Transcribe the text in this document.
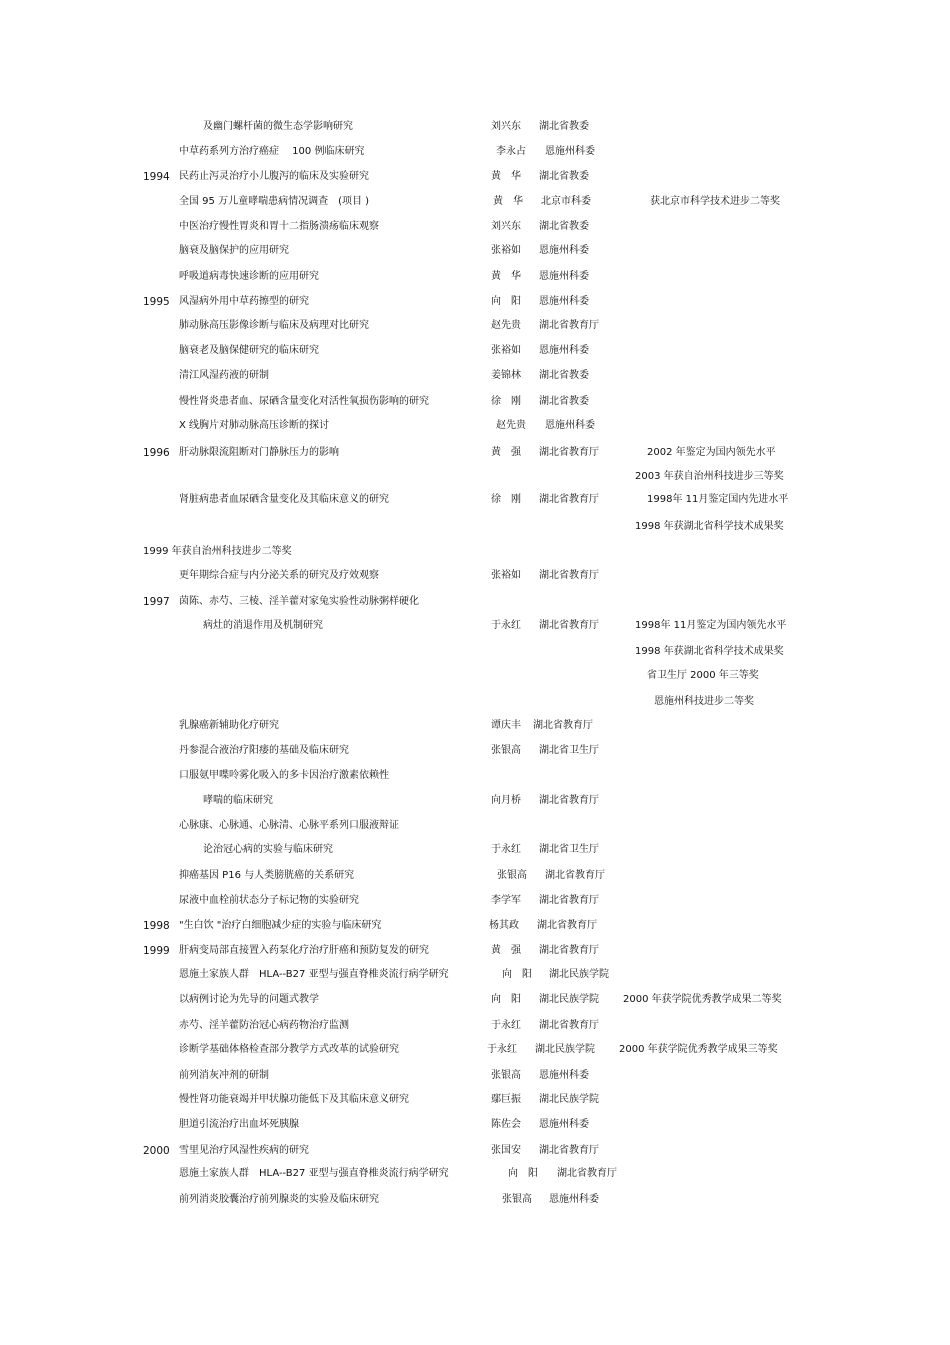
及幽门螺杆菌的微生态学影响研究	刘兴东 湖北省教委
中草药系列方治疗癌症　 100 例临床研究	李永占 恩施州科委
1994 民药止泻灵治疗小儿腹泻的临床及实验研究	黄　华 湖北省教委
全国 95 万儿童哮喘患病情况调查　(项目 )	黄　华 北京市科委	获北京市科学技术进步二等奖
中医治疗慢性胃炎和胃十二指肠溃疡临床观察	刘兴东 湖北省教委
脑衰及脑保护的应用研究	张裕如 恩施州科委
呼吸道病毒快速诊断的应用研究	黄　华 恩施州科委
1995 风湿病外用中草药擦型的研究	向　阳 恩施州科委
肺动脉高压影像诊断与临床及病理对比研究	赵先贵 湖北省教育厅
脑衰老及脑保健研究的临床研究	张裕如 恩施州科委
清江风湿药液的研制	姜锦林 湖北省教委
慢性肾炎患者血、尿硒含量变化对活性氧损伤影响的研究	徐　刚 湖北省教委
X 线胸片对肺动脉高压诊断的探讨	赵先贵 恩施州科委
1996 肝动脉限流阻断对门静脉压力的影响	黄　强 湖北省教育厅	2002 年鉴定为国内领先水平
2003 年获自治州科技进步三等奖
肾脏病患者血尿硒含量变化及其临床意义的研究	徐　刚 湖北省教育厅	1998年 11月鉴定国内先进水平
1998 年获湖北省科学技术成果奖
1999 年获自治州科技进步二等奖
更年期综合症与内分泌关系的研究及疗效观察	张裕如 湖北省教育厅
1997 茵陈、赤芍、三棱、淫羊藿对家兔实验性动脉粥样硬化
病灶的消退作用及机制研究	于永红 湖北省教育厅	1998年 11月鉴定为国内领先水平
1998 年获湖北省科学技术成果奖
省卫生厅 2000 年三等奖
恩施州科技进步二等奖
乳腺癌新辅助化疗研究	谭庆丰 湖北省教育厅
丹参混合液治疗阳痿的基础及临床研究	张银高 湖北省卫生厅
口服氨甲喋呤雾化吸入的多卡因治疗激素依赖性
哮喘的临床研究	向月桥 湖北省教育厅
心脉康、心脉通、心脉清、心脉平系列口服液辩证
论治冠心病的实验与临床研究	于永红 湖北省卫生厅
抑癌基因 P16 与人类膀胱癌的关系研究	张银高 湖北省教育厅
尿液中血栓前状态分子标记物的实验研究	李学军 湖北省教育厅
1998 "生白饮 "治疗白细胞减少症的实验与临床研究	杨其政 湖北省教育厅
1999 肝病变局部直接置入药泵化疗治疗肝癌和预防复发的研究	黄　强 湖北省教育厅
恩施土家族人群　HLA--B27 亚型与强直脊椎炎流行病学研究	向　阳 湖北民族学院
以病例讨论为先导的问题式教学	向　阳 湖北民族学院 2000 年获学院优秀教学成果二等奖
赤芍、淫羊藿防治冠心病药物治疗监测	于永红 湖北省教育厅
诊断学基础体格检查部分教学方式改革的试验研究	于永红 湖北民族学院 2000 年获学院优秀教学成果三等奖
前列消灰冲剂的研制	张银高 恩施州科委
慢性肾功能衰竭并甲状腺功能低下及其临床意义研究	鄢巨振 湖北民族学院
胆道引流治疗出血坏死胰腺	陈佐会 恩施州科委
2000 雪里见治疗风湿性疾病的研究	张国安 湖北省教育厅
恩施土家族人群　HLA--B27 亚型与强直脊椎炎流行病学研究	向　阳 湖北省教育厅
前列消炎胶囊治疗前列腺炎的实验及临床研究	张银高 恩施州科委
